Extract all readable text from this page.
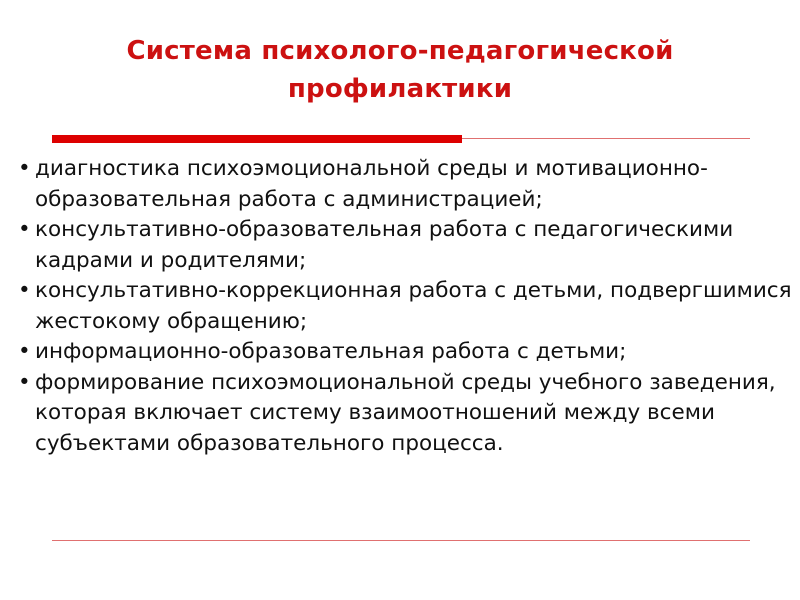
Система психолого-педагогической профилактики
• диагностика психоэмоциональной среды и мотивационно-образовательная работа с администрацией;
• консультативно-образовательная работа с педагогическими кадрами и родителями;
• консультативно-коррекционная работа с детьми, подвергшимися жестокому обращению;
• информационно-образовательная работа с детьми;
• формирование психоэмоциональной среды учебного заведения, которая включает систему взаимоотношений между всеми субъектами образовательного процесса.
